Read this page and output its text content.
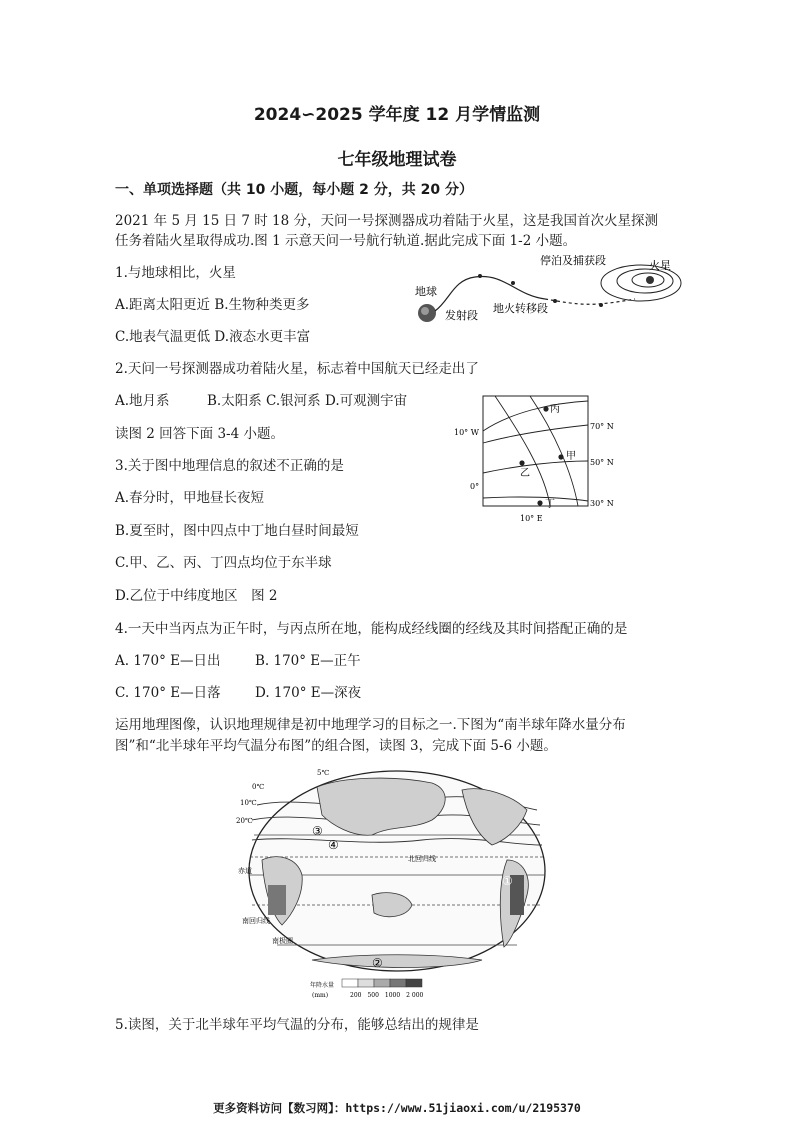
2024∽2025 学年度 12 月学情监测
七年级地理试卷
一、单项选择题（共 10 小题，每小题 2 分，共 20 分）
2021 年 5 月 15 日 7 时 18 分，天问一号探测器成功着陆于火星，这是我国首次火星探测
任务着陆火星取得成功.图 1 示意天问一号航行轨道.据此完成下面 1-2 小题。
地球
发射段
地火转移段
停泊及捕获段	火星
1.与地球相比，火星
A.距离太阳更近 B.生物种类更多
C.地表气温更低 D.液态水更丰富
2.天问一号探测器成功着陆火星，标志着中国航天已经走出了
A.地月系	B.太阳系 C.银河系 D.可观测宇宙
读图 2 回答下面 3-4 小题。
丙
甲
乙
丁
10° W
0°
10° E
70° N
50° N
30° N
3.关于图中地理信息的叙述不正确的是
A.春分时，甲地昼长夜短
B.夏至时，图中四点中丁地白昼时间最短
C.甲、乙、丙、丁四点均位于东半球
D.乙位于中纬度地区　图 2
4.一天中当丙点为正午时，与丙点所在地，能构成经线圈的经线及其时间搭配正确的是
A. 170° E—日出	B. 170° E—正午
C. 170° E—日落	D. 170° E—深夜
运用地理图像，认识地理规律是初中地理学习的目标之一.下图为“南半球年降水量分布
图”和“北半球年平均气温分布图”的组合图，读图 3，完成下面 5-6 小题。
①
②
③
④
5℃
0℃
10℃
20℃
北回归线
赤道
南回归线
南极圈
年降水量
(mm)	200　500　1000　2 000
5.读图，关于北半球年平均气温的分布，能够总结出的规律是
更多资料访问【数习网】：https://www.51jiaoxi.com/u/2195370
